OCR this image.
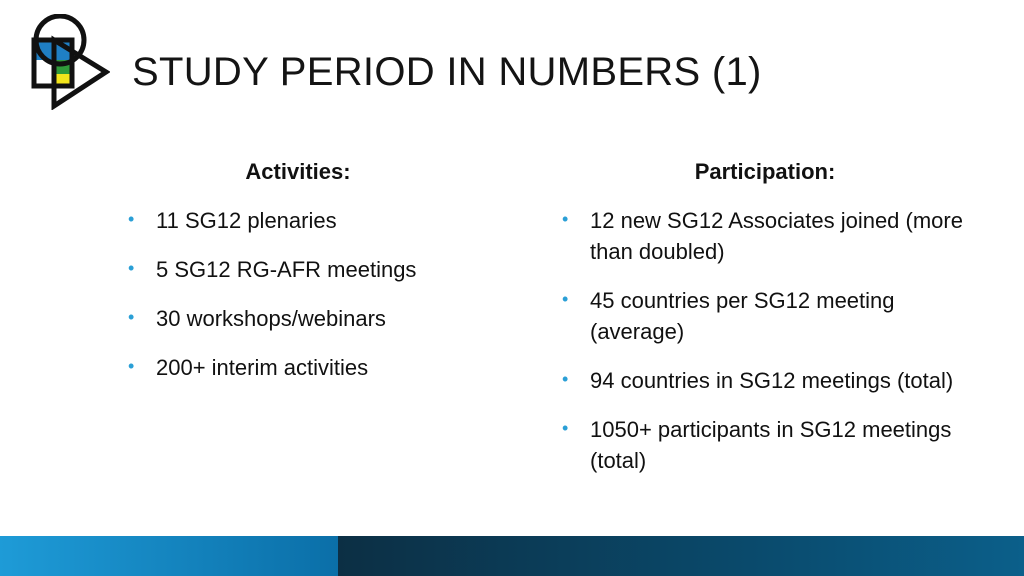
STUDY PERIOD IN NUMBERS (1)
Activities:	Participation:
• 11 SG12 plenaries
• 5 SG12 RG-AFR meetings
• 30 workshops/webinars
• 200+ interim activities
• 12 new SG12 Associates joined (more than doubled)
• 45 countries per SG12 meeting (average)
• 94 countries in SG12 meetings (total)
• 1050+ participants in SG12 meetings (total)
